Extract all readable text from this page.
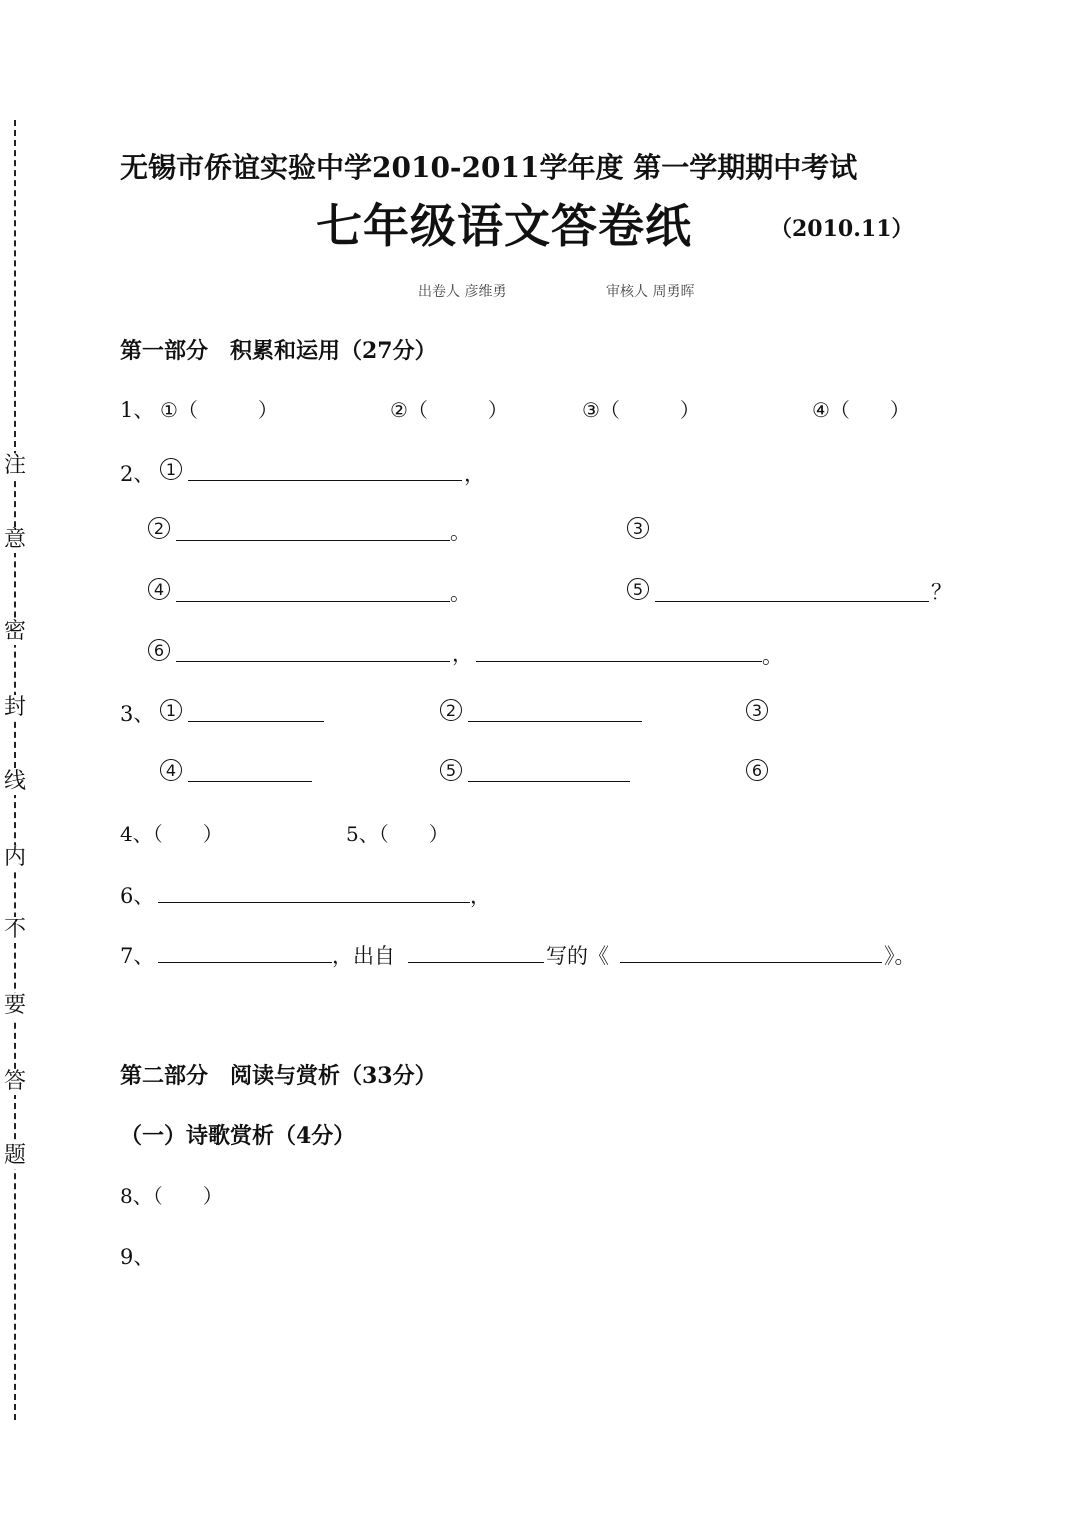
注
意
密
封
线
内
不
要
答
题
无锡市侨谊实验中学2010-2011学年度 第一学期期中考试
七年级语文答卷纸	（2010.11）
出卷人 彦维勇	审核人 周勇晖
第一部分　积累和运用（27分）
1、 ①（　　　）	②（　　　）	③（　　　）	④（　　）
2、 1	，
2	。	3
4	。	5	？
6	，	。
3、 1	2	3
4	5	6
4、（　　）	5、（　　）
6、	，
7、	，出自	写的《	》。
第二部分　阅读与赏析（33分）
（一）诗歌赏析（4分）
8、（　　）
9、
